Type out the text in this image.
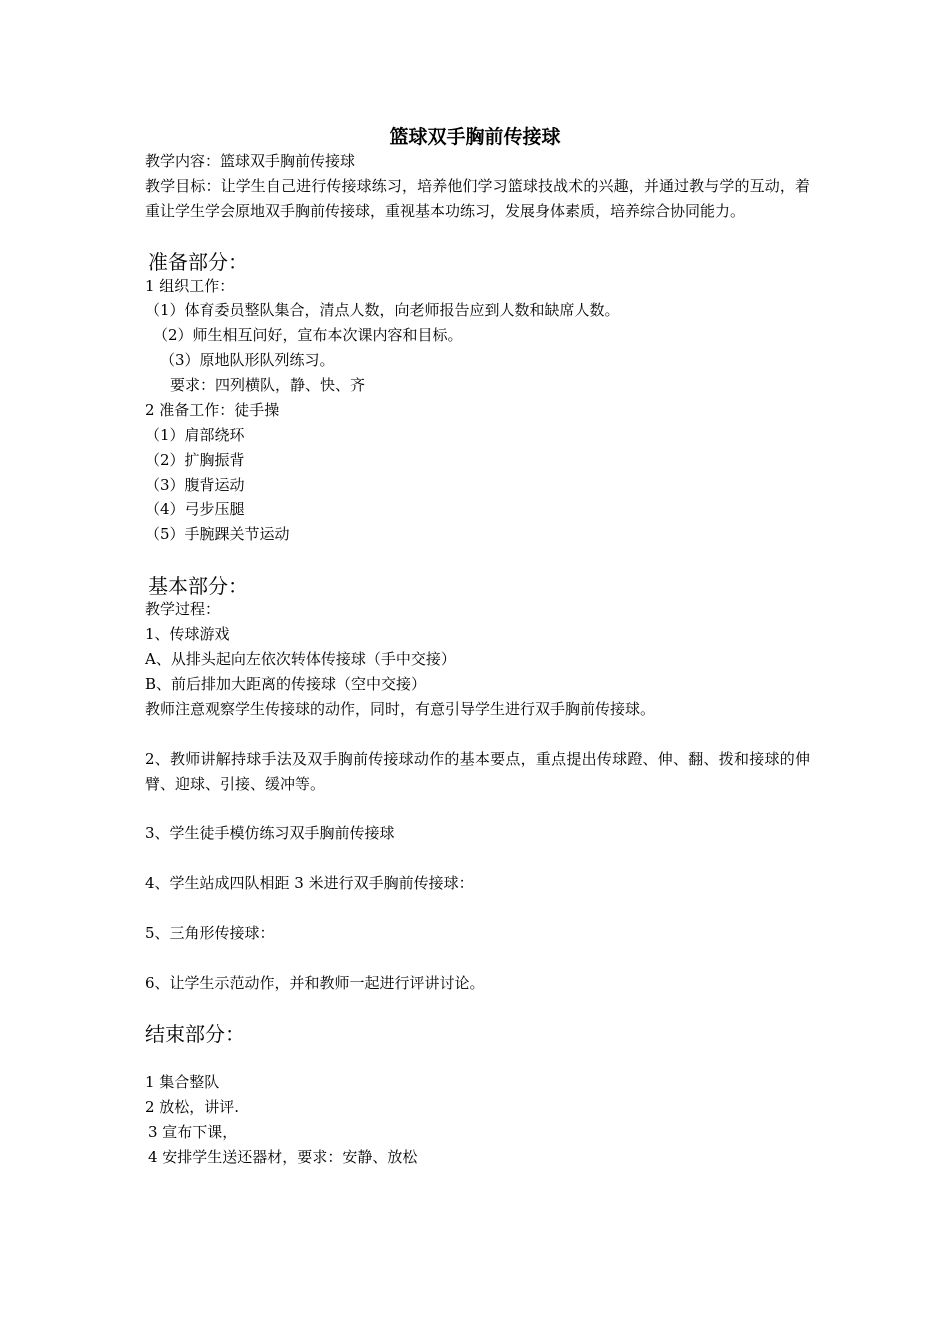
篮球双手胸前传接球
教学内容：篮球双手胸前传接球
教学目标：让学生自己进行传接球练习，培养他们学习篮球技战术的兴趣，并通过教与学的互动，着重让学生学会原地双手胸前传接球，重视基本功练习，发展身体素质，培养综合协同能力。
准备部分：
1 组织工作：
（1）体育委员整队集合，清点人数，向老师报告应到人数和缺席人数。
（2）师生相互问好，宣布本次课内容和目标。
（3）原地队形队列练习。
要求：四列横队，静、快、齐
2 准备工作：徒手操
（1）肩部绕环
（2）扩胸振背
（3）腹背运动
（4）弓步压腿
（5）手腕踝关节运动
基本部分：
教学过程：
1、传球游戏
A、从排头起向左依次转体传接球（手中交接）
B、前后排加大距离的传接球（空中交接）
教师注意观察学生传接球的动作，同时，有意引导学生进行双手胸前传接球。
2、教师讲解持球手法及双手胸前传接球动作的基本要点，重点提出传球蹬、伸、翻、拨和接球的伸臂、迎球、引接、缓冲等。
3、学生徒手模仿练习双手胸前传接球
4、学生站成四队相距 3 米进行双手胸前传接球：
5、三角形传接球：
6、让学生示范动作，并和教师一起进行评讲讨论。
结束部分：
1 集合整队
2 放松，讲评.
3 宣布下课，
4 安排学生送还器材，要求：安静、放松
